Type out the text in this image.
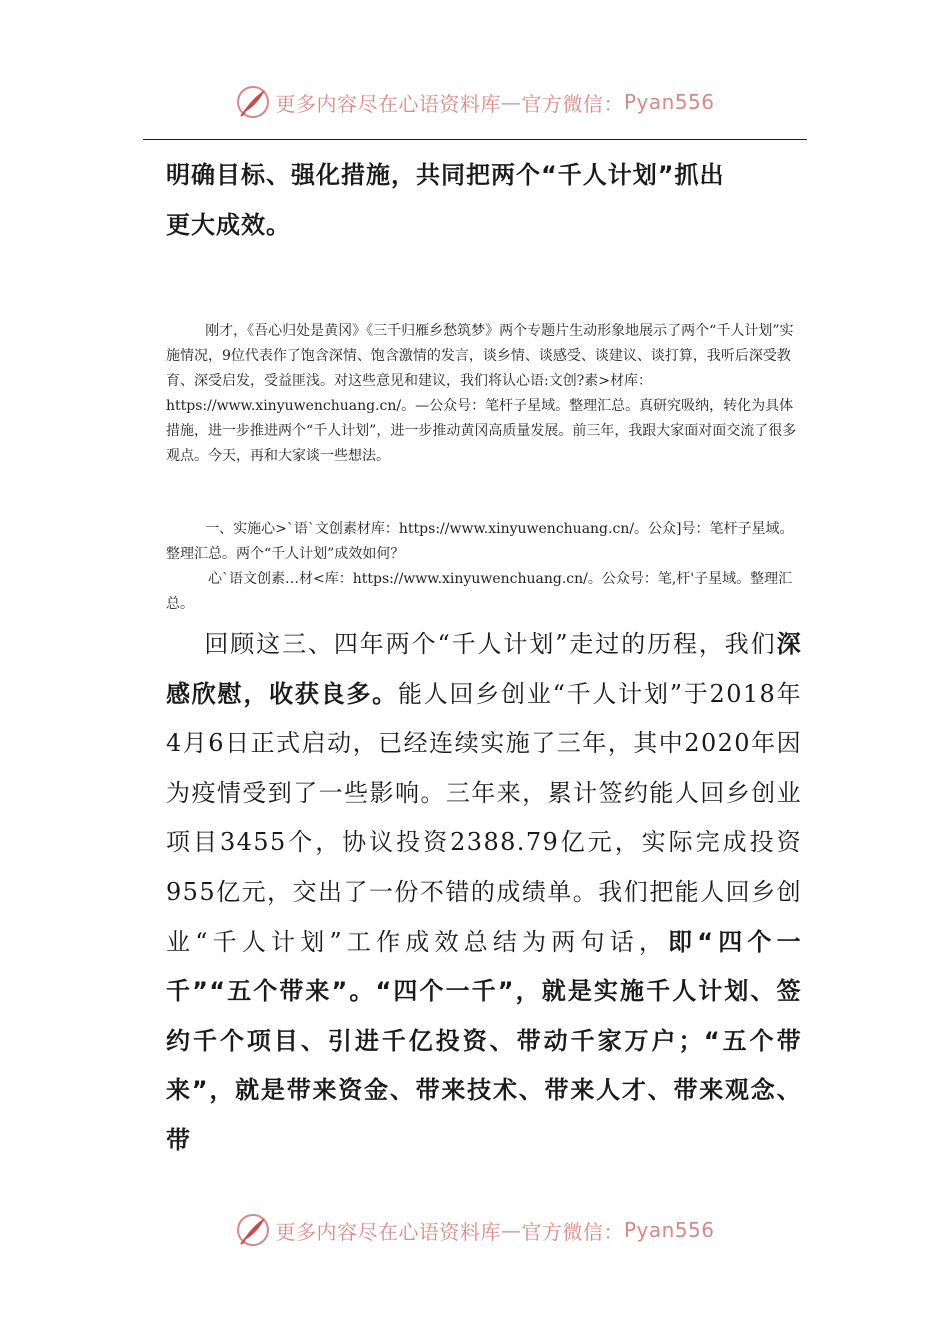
更多内容尽在心语资料库 — 官方微信： Pyan556

明确目标、强化措施，共同把两个“千人计划”抓出
更大成效。

刚才，《吾心归处是黄冈》《三千归雁乡愁筑梦》两个专题片生动形象地展示了两个“千人计划”实施情况，9位代表作了饱含深情、饱含激情的发言，谈乡情、谈感受、谈建议、谈打算，我听后深受教育、深受启发，受益匪浅。对这些意见和建议，我们将认心语:文创?素>材库：https://www.xinyuwenchuang.cn/。—公众号：笔杆子星域。整理汇总。真研究吸纳，转化为具体措施，进一步推进两个“千人计划”，进一步推动黄冈高质量发展。前三年，我跟大家面对面交流了很多观点。今天，再和大家谈一些想法。

一、实施心>`语`文创素材库：https://www.xinyuwenchuang.cn/。公众]号：笔杆子星域。整理汇总。两个“千人计划”成效如何？

心`语文创素…材<库：https://www.xinyuwenchuang.cn/。公众号：笔,杆'子星域。整理汇总。

回顾这三、四年两个“千人计划”走过的历程，我们深感欣慰，收获良多。能人回乡创业“千人计划”于2018年4月6日正式启动，已经连续实施了三年，其中2020年因为疫情受到了一些影响。三年来，累计签约能人回乡创业项目3455个，协议投资2388.79亿元，实际完成投资955亿元，交出了一份不错的成绩单。我们把能人回乡创业“千人计划”工作成效总结为两句话，即“四个一千”“五个带来”。“四个一千”，就是实施千人计划、签约千个项目、引进千亿投资、带动千家万户；“五个带来”，就是带来资金、带来技术、带来人才、带来观念、带

更多内容尽在心语资料库 — 官方微信： Pyan556
